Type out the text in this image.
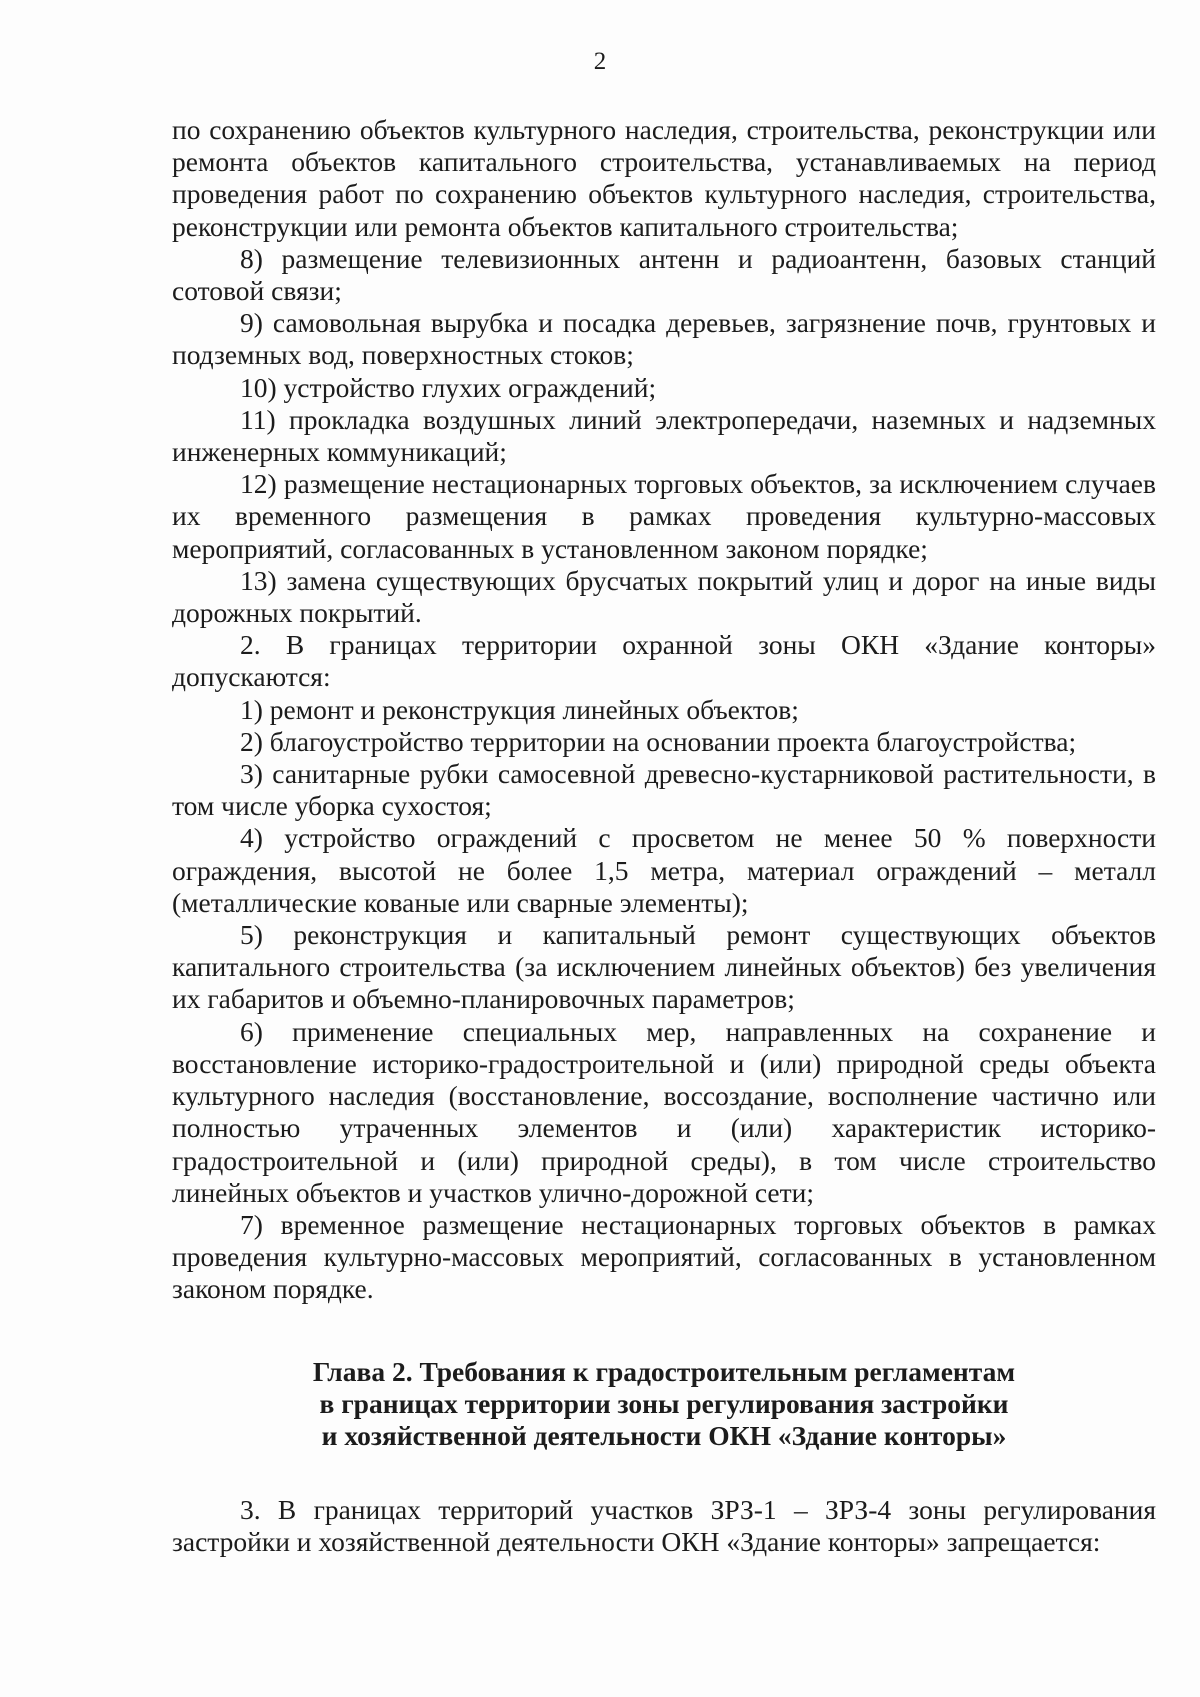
2

по сохранению объектов культурного наследия, строительства, реконструкции или ремонта объектов капитального строительства, устанавливаемых на период проведения работ по сохранению объектов культурного наследия, строительства, реконструкции или ремонта объектов капитального строительства;

8) размещение телевизионных антенн и радиоантенн, базовых станций сотовой связи;

9) самовольная вырубка и посадка деревьев, загрязнение почв, грунтовых и подземных вод, поверхностных стоков;

10) устройство глухих ограждений;

11) прокладка воздушных линий электропередачи, наземных и надземных инженерных коммуникаций;

12) размещение нестационарных торговых объектов, за исключением случаев их временного размещения в рамках проведения культурно-массовых мероприятий, согласованных в установленном законом порядке;

13) замена существующих брусчатых покрытий улиц и дорог на иные виды дорожных покрытий.

2. В границах территории охранной зоны ОКН «Здание конторы» допускаются:

1) ремонт и реконструкция линейных объектов;

2) благоустройство территории на основании проекта благоустройства;

3) санитарные рубки самосевной древесно-кустарниковой растительности, в том числе уборка сухостоя;

4) устройство ограждений с просветом не менее 50 % поверхности ограждения, высотой не более 1,5 метра, материал ограждений – металл (металлические кованые или сварные элементы);

5) реконструкция и капитальный ремонт существующих объектов капитального строительства (за исключением линейных объектов) без увеличения их габаритов и объемно-планировочных параметров;

6) применение специальных мер, направленных на сохранение и восстановление историко-градостроительной и (или) природной среды объекта культурного наследия (восстановление, воссоздание, восполнение частично или полностью утраченных элементов и (или) характеристик историко-градостроительной и (или) природной среды), в том числе строительство линейных объектов и участков улично-дорожной сети;

7) временное размещение нестационарных торговых объектов в рамках проведения культурно-массовых мероприятий, согласованных в установленном законом порядке.

Глава 2. Требования к градостроительным регламентам
в границах территории зоны регулирования застройки
и хозяйственной деятельности ОКН «Здание конторы»

3. В границах территорий участков ЗРЗ-1 – ЗРЗ-4 зоны регулирования застройки и хозяйственной деятельности ОКН «Здание конторы» запрещается:
